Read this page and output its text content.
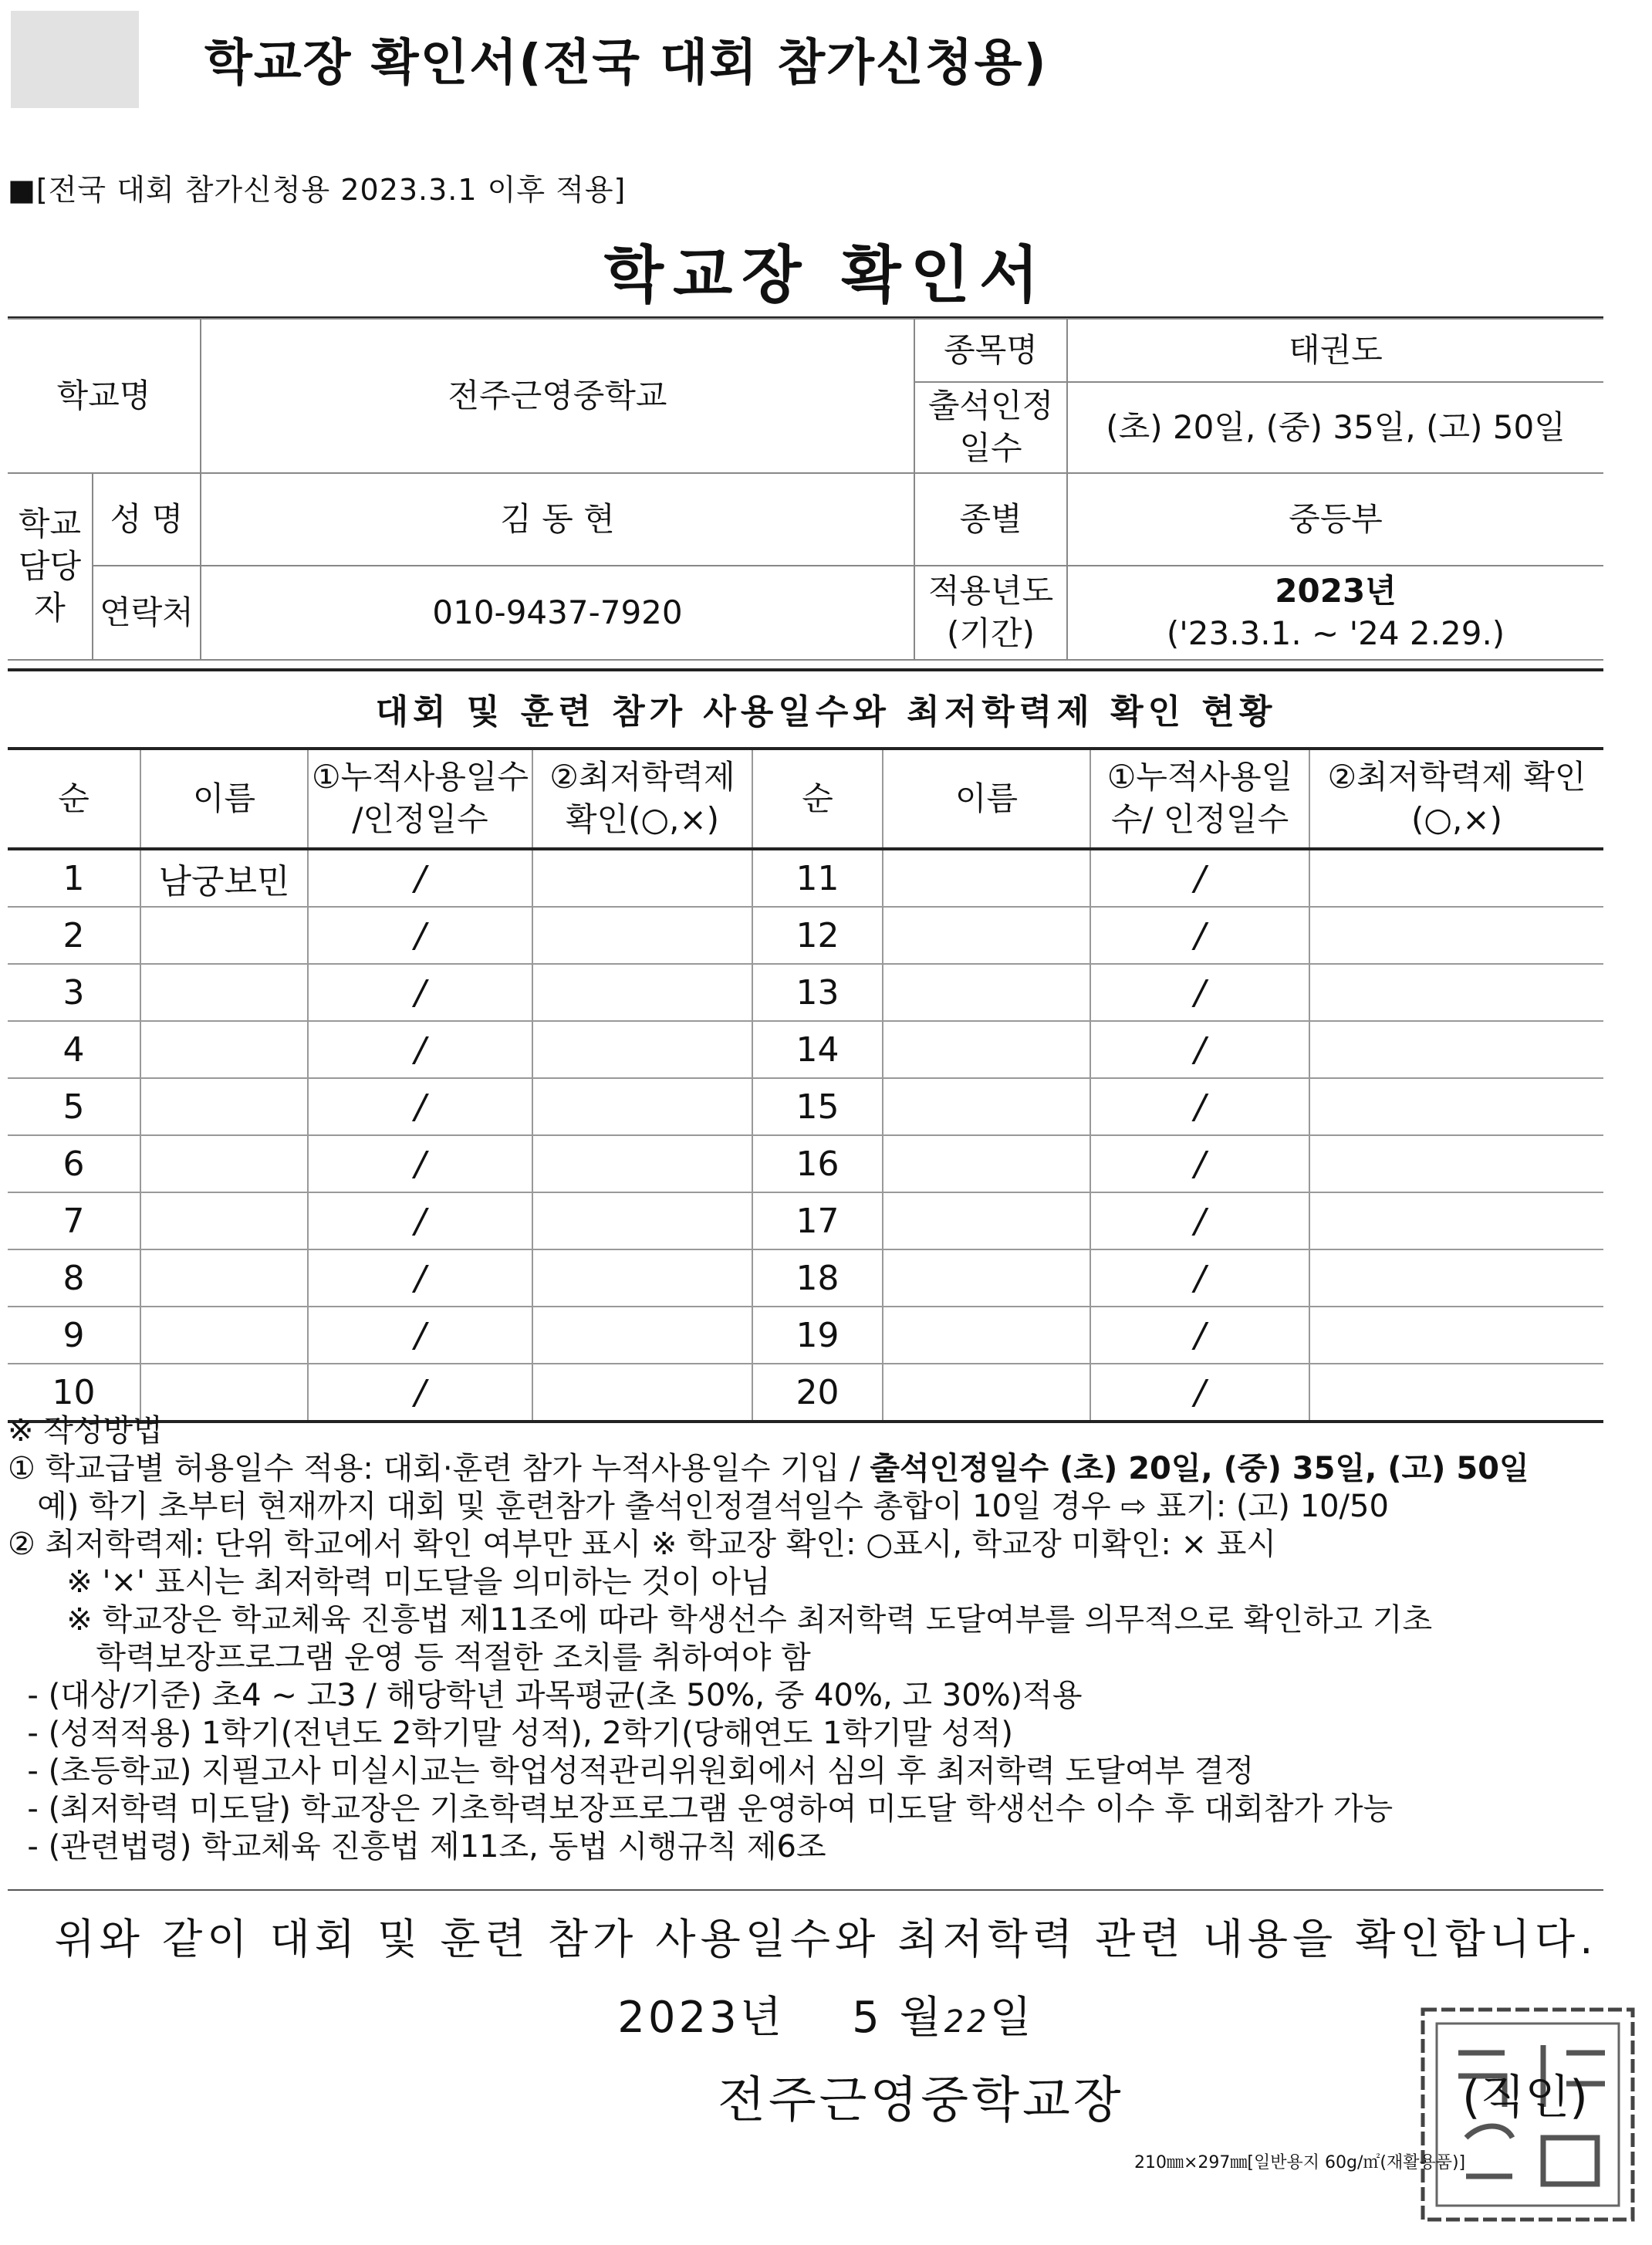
학교장 확인서(전국 대회 참가신청용)
■[전국 대회 참가신청용 2023.3.1 이후 적용]
학교장 확인서
학교명		전주근영중학교	종목명	태권도
			출석인정 일수	(초) 20일, (중) 35일, (고) 50일
학교 담당자	성 명	김 동 현	종별	중등부
	연락처	010-9437-7920	적용년도 (기간)	2023년
('23.3.1. ~ '24 2.29.)
대회 및 훈련 참가 사용일수와 최저학력제 확인 현황
순	이름	①누적사용일수 /인정일수	②최저학력제 확인(○,×)	순	이름	①누적사용일수/ 인정일수	②최저학력제 확인(○,×)
1	남궁보민	/		11		/	
2		/		12		/	
3		/		13		/	
4		/		14		/	
5		/		15		/	
6		/		16		/	
7		/		17		/	
8		/		18		/	
9		/		19		/	
10		/		20		/	
※ 작성방법
① 학교급별 허용일수 적용: 대회·훈련 참가 누적사용일수 기입 / 출석인정일수 (초) 20일, (중) 35일, (고) 50일
예) 학기 초부터 현재까지 대회 및 훈련참가 출석인정결석일수 총합이 10일 경우 ⇨ 표기: (고) 10/50
② 최저학력제: 단위 학교에서 확인 여부만 표시 ※ 학교장 확인: ○표시, 학교장 미확인: × 표시
※ '×' 표시는 최저학력 미도달을 의미하는 것이 아님
※ 학교장은 학교체육 진흥법 제11조에 따라 학생선수 최저학력 도달여부를 의무적으로 확인하고 기초
학력보장프로그램 운영 등 적절한 조치를 취하여야 함
- (대상/기준) 초4 ~ 고3 / 해당학년 과목평균(초 50%, 중 40%, 고 30%)적용
- (성적적용) 1학기(전년도 2학기말 성적), 2학기(당해연도 1학기말 성적)
- (초등학교) 지필고사 미실시교는 학업성적관리위원회에서 심의 후 최저학력 도달여부 결정
- (최저학력 미도달) 학교장은 기초학력보장프로그램 운영하여 미도달 학생선수 이수 후 대회참가 가능
- (관련법령) 학교체육 진흥법 제11조, 동법 시행규칙 제6조
위와 같이 대회 및 훈련 참가 사용일수와 최저학력 관련 내용을 확인합니다.
2023년 5 월22일
전주근영중학교장	(직인)
210㎜×297㎜[일반용지 60g/㎡(재활용품)]
